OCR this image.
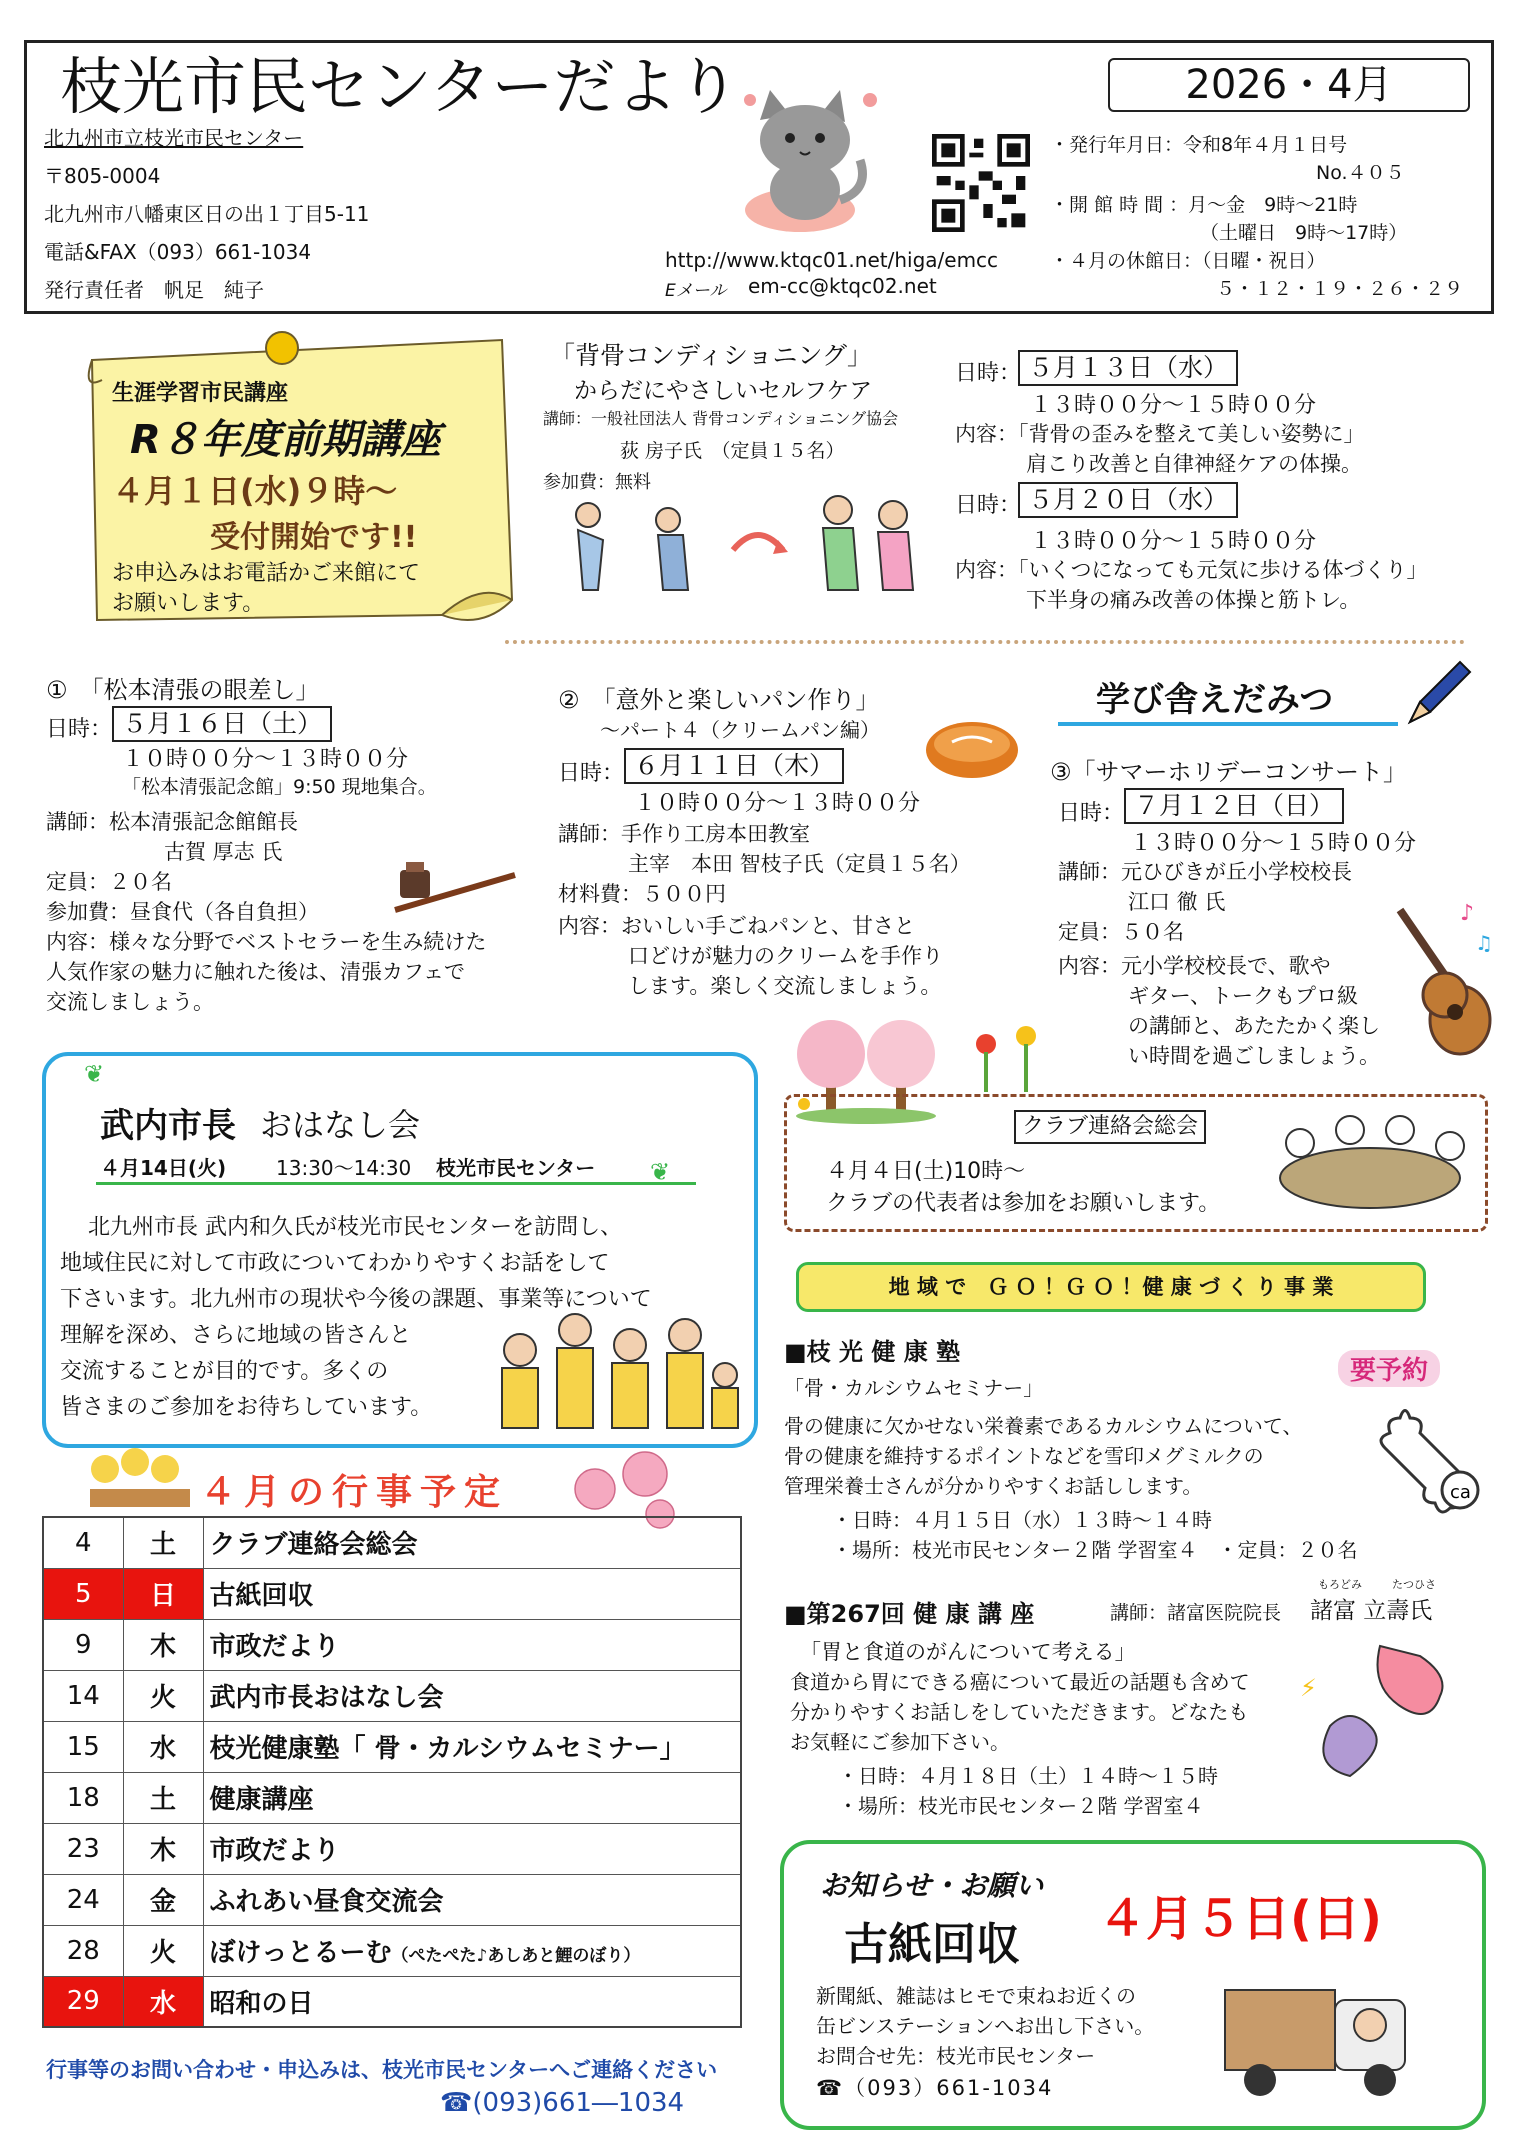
枝光市民センターだより
北九州市立枝光市民センター
〒805-0004
北九州市八幡東区日の出１丁目5-11
電話&FAX（093）661-1034
発行責任者　帆足　純子
http://www.ktqc01.net/higa/emcc
Eメール em-cc@ktqc02.net
2026・4月
・発行年月日：令和8年４月１日号
No.４０５
・開 館 時 間 ：月～金　9時～21時
（土曜日　9時～17時）
・４月の休館日：（日曜・祝日）
５・１２・１９・２６・２９
生涯学習市民講座
R８年度前期講座
４月１日(水)９時～
受付開始です!!
お申込みはお電話かご来館にて
お願いします。
「背骨コンディショニング」
からだにやさしいセルフケア
講師：一般社団法人 背骨コンディショニング協会
荻 房子氏　（定員１５名）
参加費：無料
日時： ５月１３日（水）
１３時００分～１５時００分
内容：「背骨の歪みを整えて美しい姿勢に」
肩こり改善と自律神経ケアの体操。
日時： ５月２０日（水）
１３時００分～１５時００分
内容：「いくつになっても元気に歩ける体づくり」
下半身の痛み改善の体操と筋トレ。
①　「松本清張の眼差し」
日時： ５月１６日（土）
１０時００分～１３時００分
「松本清張記念館」9:50 現地集合。
講師：松本清張記念館館長
古賀 厚志 氏
定員：２０名
参加費：昼食代（各自負担）
内容：様々な分野でベストセラーを生み続けた
人気作家の魅力に触れた後は、清張カフェで
交流しましょう。
②　「意外と楽しいパン作り」
～パート４（クリームパン編）
日時： ６月１１日（木）
１０時００分～１３時００分
講師：手作り工房本田教室
主宰　本田 智枝子氏（定員１５名）
材料費：５００円
内容：おいしい手ごねパンと、甘さと
口どけが魅力のクリームを手作り
します。楽しく交流しましょう。
学び舎えだみつ
③「サマーホリデーコンサート」
日時： ７月１２日（日）
１３時００分～１５時００分
講師：元ひびきが丘小学校校長
江口 徹 氏
定員：５０名
内容：元小学校校長で、歌や
ギター、トークもプロ級
の講師と、あたたかく楽し
い時間を過ごしましょう。
♪
♫
❦
武内市長 おはなし会
４月14日(火) 13:30～14:30 枝光市民センター ❦
北九州市長 武内和久氏が枝光市民センターを訪問し、
地域住民に対して市政についてわかりやすくお話をして
下さいます。北九州市の現状や今後の課題、事業等について
理解を深め、さらに地域の皆さんと
交流することが目的です。多くの
皆さまのご参加をお待ちしています。
クラブ連絡会総会
４月４日(土)10時～
クラブの代表者は参加をお願いします。
地 域 で　Ｇ Ｏ ！Ｇ Ｏ ！健 康 づ く り 事 業
■枝 光 健 康 塾
「骨・カルシウムセミナー」
要予約
骨の健康に欠かせない栄養素であるカルシウムについて、
骨の健康を維持するポイントなどを雪印メグミルクの
管理栄養士さんが分かりやすくお話しします。
・日時：４月１５日（水）１３時～１４時
・場所：枝光市民センター２階 学習室４　・定員：２０名
ca
■第267回 健 康 講 座	講師：諸富医院院長
もろどみ	たつひさ
諸富 立壽氏
「胃と食道のがんについて考える」
食道から胃にできる癌について最近の話題も含めて
分かりやすくお話しをしていただきます。どなたも
お気軽にご参加下さい。
・日時：４月１８日（土）１４時～１５時
・場所：枝光市民センター２階 学習室４
⚡
４月の行事予定
4	土	クラブ連絡会総会
5	日	古紙回収
9	木	市政だより
14	火	武内市長おはなし会
15	水	枝光健康塾「 骨・カルシウムセミナー」
18	土	健康講座
23	木	市政だより
24	金	ふれあい昼食交流会
28	火	ぼけっとるーむ（ぺたぺた♪あしあと鯉のぼり）
29	水	昭和の日
行事等のお問い合わせ・申込みは、枝光市民センターへご連絡ください
☎(093)661―1034
お知らせ・お願い
古紙回収 ４月５日(日)
新聞紙、雑誌はヒモで束ねお近くの
缶ビンステーションへお出し下さい。
お問合せ先：枝光市民センター
☎（093）661-1034
